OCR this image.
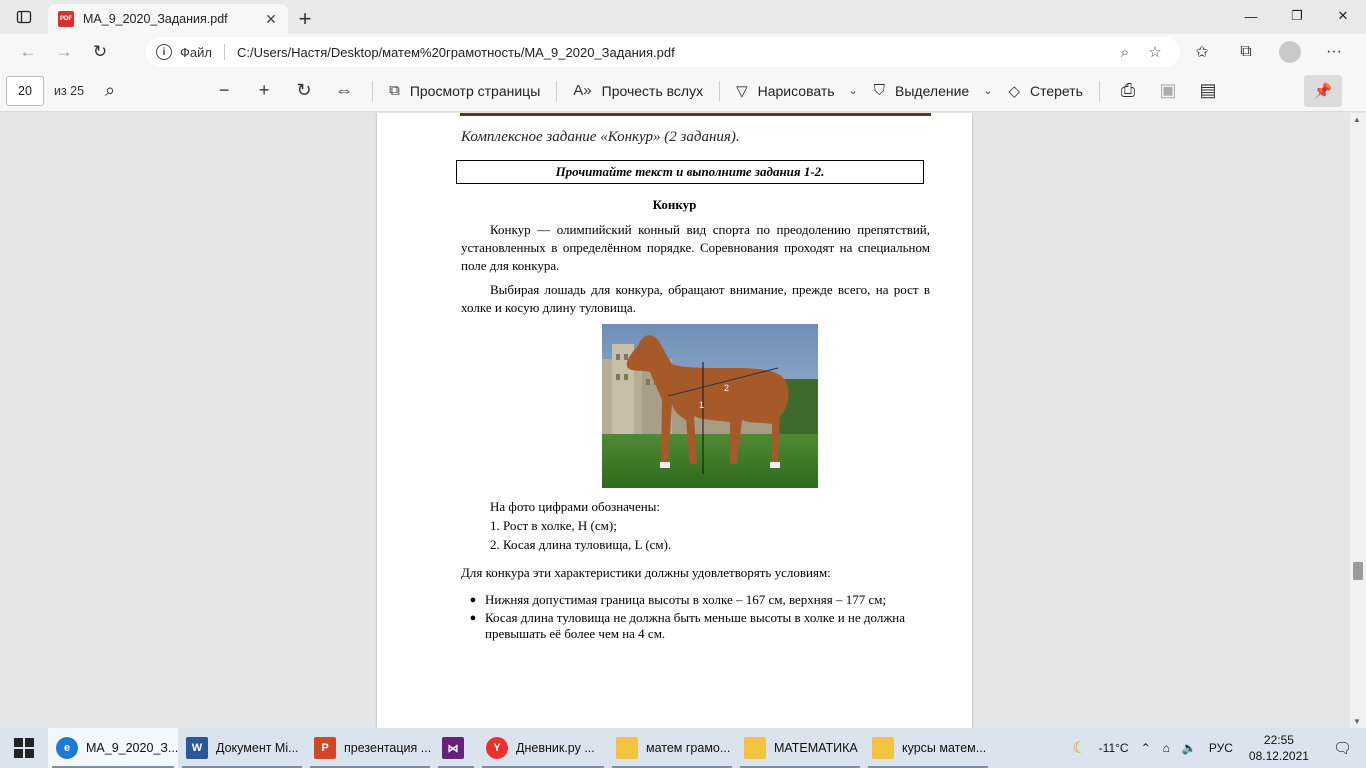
PDF MA_9_2020_Задания.pdf	✕ +	—	❐	✕
←	→	↻	i	Файл C:/Users/Настя/Desktop/матем%20грамотность/MA_9_2020_Задания.pdf	⌕	☆	✩	⧉	···
20	из 25	⌕	−	+	↻	⇔	⧉ Просмотр страницы A» Прочесть вслух ▽ Нарисовать ⌄ ⛉ Выделение ⌄ ◇ Стереть	⎙	▣	▤	📌
Комплексное задание «Конкур» (2 задания).
Прочитайте текст и выполните задания 1-2.
Конкур
Конкур — олимпийский конный вид спорта по преодолению препятствий, установленных в определённом порядке. Соревнования проходят на специальном поле для конкура.
Выбирая лошадь для конкура, обращают внимание, прежде всего, на рост в холке и косую длину туловища.
1
2
На фото цифрами обозначены:
1. Рост в холке, H (см);
2. Косая длина туловища, L (см).
Для конкура эти характеристики должны удовлетворять условиям:
● Нижняя допустимая граница высоты в холке – 167 см, верхняя – 177 см;
● Косая длина туловища не должна быть меньше высоты в холке и не должна превышать её более чем на 4 см.
▲
▼
e	MA_9_2020_З...	W	Документ Mi...	P	презентация ...	⋈	Y	Дневник.ру ...	матем грамо...	МАТЕМАТИКА	курсы матем...	☾	-11°C	⌃	⌂	🔈	РУС
22:55
08.12.2021	🗨
